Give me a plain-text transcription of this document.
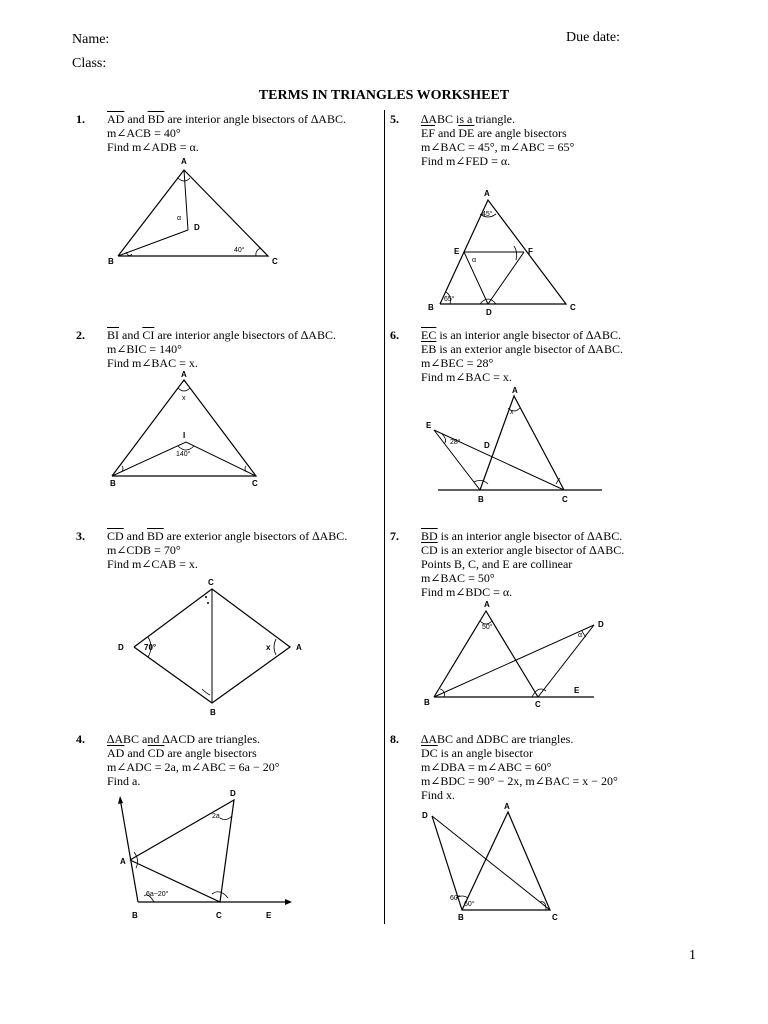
Name:	Due date:
Class:
TERMS IN TRIANGLES WORKSHEET
1. $\overline{AD}$ and $\overline{BD}$ are interior angle bisectors of ∆ABC.
m∠ACB = 40°
Find m∠ADB = α.
A
B	C
D
α
40°
2. $\overline{BI}$ and $\overline{CI}$ are interior angle bisectors of ∆ABC.
m∠BIC = 140°
Find m∠BAC = x.
A
B	C
I
x
140°
3. $\overline{CD}$ and $\overline{BD}$ are exterior angle bisectors of ∆ABC.
m∠CDB = 70°
Find m∠CAB = x.
C
B
D	A
x
70°
4. ∆ABC and ∆ACD are triangles.
$\overline{AD}$ and $\overline{CD}$ are angle bisectors
m∠ADC = 2a, m∠ABC = 6a − 20°
Find a.
D
A
B	C	E
2a
6a−20°
5. ∆ABC is a triangle.
$\overline{EF}$ and $\overline{DE}$ are angle bisectors
m∠BAC = 45°, m∠ABC = 65°
Find m∠FED = α.
A
B	C
D
E	F
α
45°
65°
6. $\overline{EC}$ is an interior angle bisector of ∆ABC.
$\overline{EB}$ is an exterior angle bisector of ∆ABC.
m∠BEC = 28°
Find m∠BAC = x.
A
B	C
D
E
x
28°
7. $\overline{BD}$ is an interior angle bisector of ∆ABC.
$\overline{CD}$ is an exterior angle bisector of ∆ABC.
Points B, C, and E are collinear
m∠BAC = 50°
Find m∠BDC = α.
A
B	C
D
E
α
50°
8. ∆ABC and ∆DBC are triangles.
$\overline{DC}$ is an angle bisector
m∠DBA = m∠ABC = 60°
m∠BDC = 90° − 2x, m∠BAC = x − 20°
Find x.
A
D
B	C
60°
60°
1
